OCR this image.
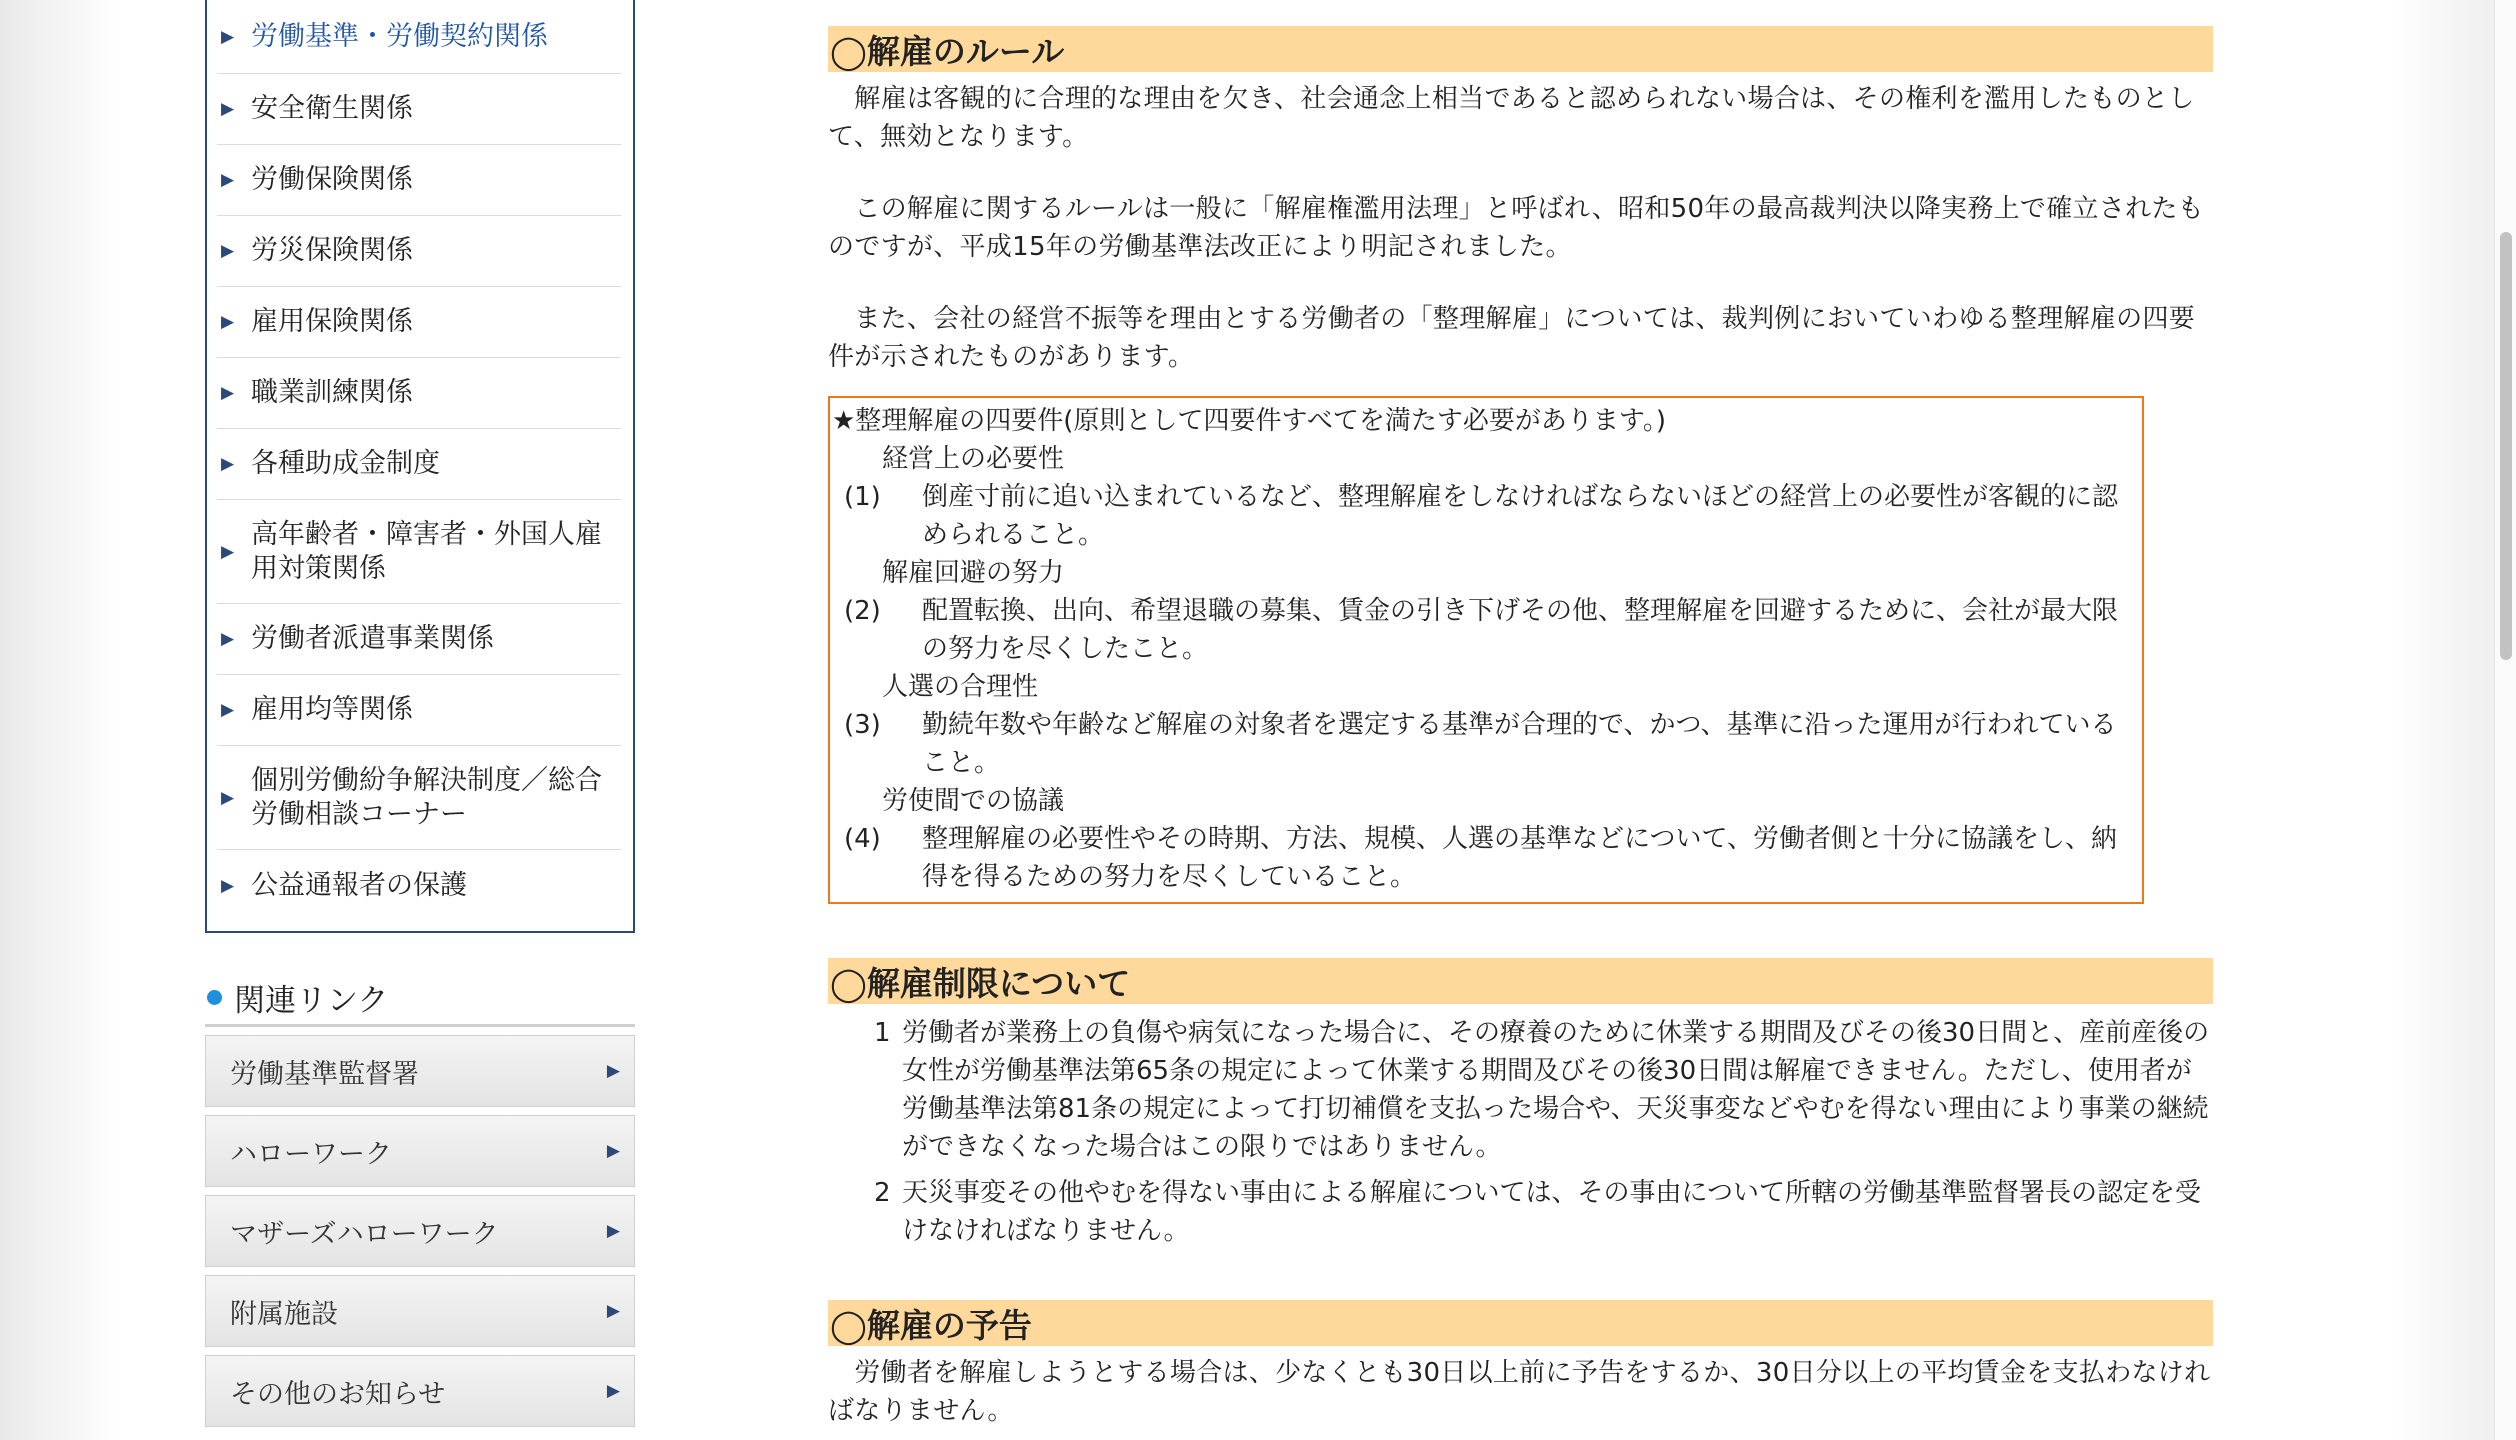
▶ 労働基準・労働契約関係
▶ 安全衛生関係
▶ 労働保険関係
▶ 労災保険関係
▶ 雇用保険関係
▶ 職業訓練関係
▶ 各種助成金制度
▶
高年齢者・障害者・外国人雇用対策関係
▶ 労働者派遣事業関係
▶ 雇用均等関係
▶
個別労働紛争解決制度／総合労働相談コーナー
▶ 公益通報者の保護
関連リンク
労働基準監督署	▶
ハローワーク	▶
マザーズハローワーク	▶
附属施設	▶
その他のお知らせ	▶
◯解雇のルール

　解雇は客観的に合理的な理由を欠き、社会通念上相当であると認められない場合は、その権利を濫用したものとして、無効となります。

　この解雇に関するルールは一般に「解雇権濫用法理」と呼ばれ、昭和50年の最高裁判決以降実務上で確立されたものですが、平成15年の労働基準法改正により明記されました。

　また、会社の経営不振等を理由とする労働者の「整理解雇」については、裁判例においていわゆる整理解雇の四要件が示されたものがあります。

★整理解雇の四要件(原則として四要件すべてを満たす必要があります。)
経営上の必要性
(1)	倒産寸前に追い込まれているなど、整理解雇をしなければならないほどの経営上の必要性が客観的に認められること。
解雇回避の努力
(2)	配置転換、出向、希望退職の募集、賃金の引き下げその他、整理解雇を回避するために、会社が最大限の努力を尽くしたこと。
人選の合理性
(3)	勤続年数や年齢など解雇の対象者を選定する基準が合理的で、かつ、基準に沿った運用が行われていること。
労使間での協議
(4)	整理解雇の必要性やその時期、方法、規模、人選の基準などについて、労働者側と十分に協議をし、納得を得るための努力を尽くしていること。
◯解雇制限について
1 労働者が業務上の負傷や病気になった場合に、その療養のために休業する期間及びその後30日間と、産前産後の女性が労働基準法第65条の規定によって休業する期間及びその後30日間は解雇できません。ただし、使用者が労働基準法第81条の規定によって打切補償を支払った場合や、天災事変などやむを得ない理由により事業の継続ができなくなった場合はこの限りではありません。
2 天災事変その他やむを得ない事由による解雇については、その事由について所轄の労働基準監督署長の認定を受けなければなりません。
◯解雇の予告

　労働者を解雇しようとする場合は、少なくとも30日以上前に予告をするか、30日分以上の平均賃金を支払わなければなりません。
